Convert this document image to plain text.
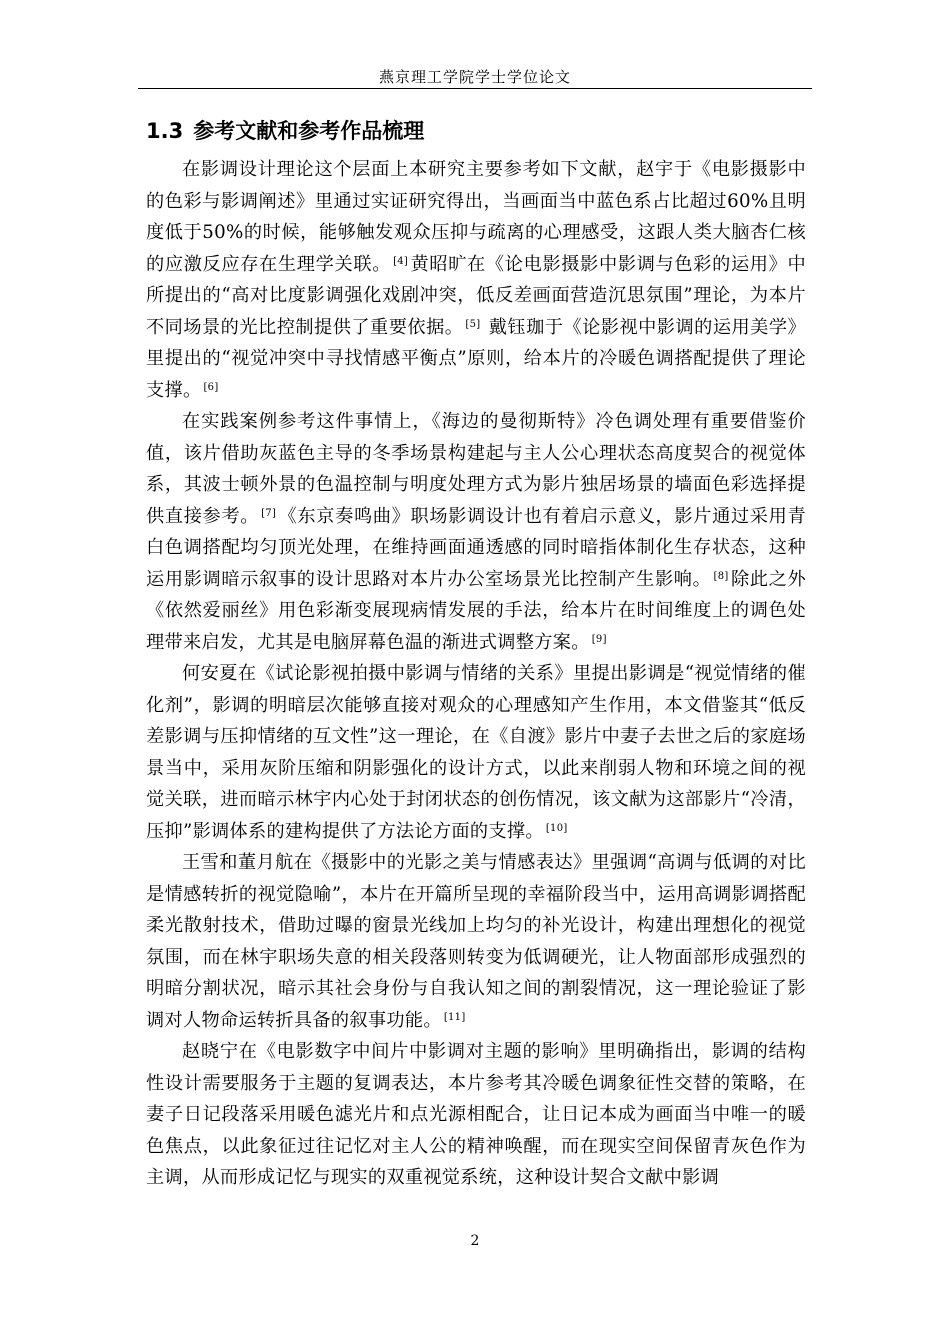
燕京理工学院学士学位论文
1.3 参考文献和参考作品梳理

在影调设计理论这个层面上本研究主要参考如下文献，赵宇于《电影摄影中的色彩与影调阐述》里通过实证研究得出，当画面当中蓝色系占比超过60%且明度低于50%的时候，能够触发观众压抑与疏离的心理感受，这跟人类大脑杏仁核的应激反应存在生理学关联。 [4] 黄昭旷在《论电影摄影中影调与色彩的运用》中所提出的“高对比度影调强化戏剧冲突，低反差画面营造沉思氛围”理论，为本片不同场景的光比控制提供了重要依据。 [5] 戴钰珈于《论影视中影调的运用美学》里提出的“视觉冲突中寻找情感平衡点”原则，给本片的冷暖色调搭配提供了理论支撑。 [6]

在实践案例参考这件事情上，《海边的曼彻斯特》冷色调处理有重要借鉴价值，该片借助灰蓝色主导的冬季场景构建起与主人公心理状态高度契合的视觉体系，其波士顿外景的色温控制与明度处理方式为影片独居场景的墙面色彩选择提供直接参考。 [7] 《东京奏鸣曲》职场影调设计也有着启示意义，影片通过采用青白色调搭配均匀顶光处理，在维持画面通透感的同时暗指体制化生存状态，这种运用影调暗示叙事的设计思路对本片办公室场景光比控制产生影响。 [8] 除此之外《依然爱丽丝》用色彩渐变展现病情发展的手法，给本片在时间维度上的调色处理带来启发，尤其是电脑屏幕色温的渐进式调整方案。 [9]

何安夏在《试论影视拍摄中影调与情绪的关系》里提出影调是“视觉情绪的催化剂”，影调的明暗层次能够直接对观众的心理感知产生作用，本文借鉴其“低反差影调与压抑情绪的互文性”这一理论，在《自渡》影片中妻子去世之后的家庭场景当中，采用灰阶压缩和阴影强化的设计方式，以此来削弱人物和环境之间的视觉关联，进而暗示林宇内心处于封闭状态的创伤情况，该文献为这部影片“冷清，压抑”影调体系的建构提供了方法论方面的支撑。 [10]

王雪和董月航在《摄影中的光影之美与情感表达》里强调“高调与低调的对比是情感转折的视觉隐喻”，本片在开篇所呈现的幸福阶段当中，运用高调影调搭配柔光散射技术，借助过曝的窗景光线加上均匀的补光设计，构建出理想化的视觉氛围，而在林宇职场失意的相关段落则转变为低调硬光，让人物面部形成强烈的明暗分割状况，暗示其社会身份与自我认知之间的割裂情况，这一理论验证了影调对人物命运转折具备的叙事功能。 [11]

赵晓宁在《电影数字中间片中影调对主题的影响》里明确指出，影调的结构性设计需要服务于主题的复调表达，本片参考其冷暖色调象征性交替的策略，在妻子日记段落采用暖色滤光片和点光源相配合，让日记本成为画面当中唯一的暖色焦点，以此象征过往记忆对主人公的精神唤醒，而在现实空间保留青灰色作为主调，从而形成记忆与现实的双重视觉系统，这种设计契合文献中影调

2
